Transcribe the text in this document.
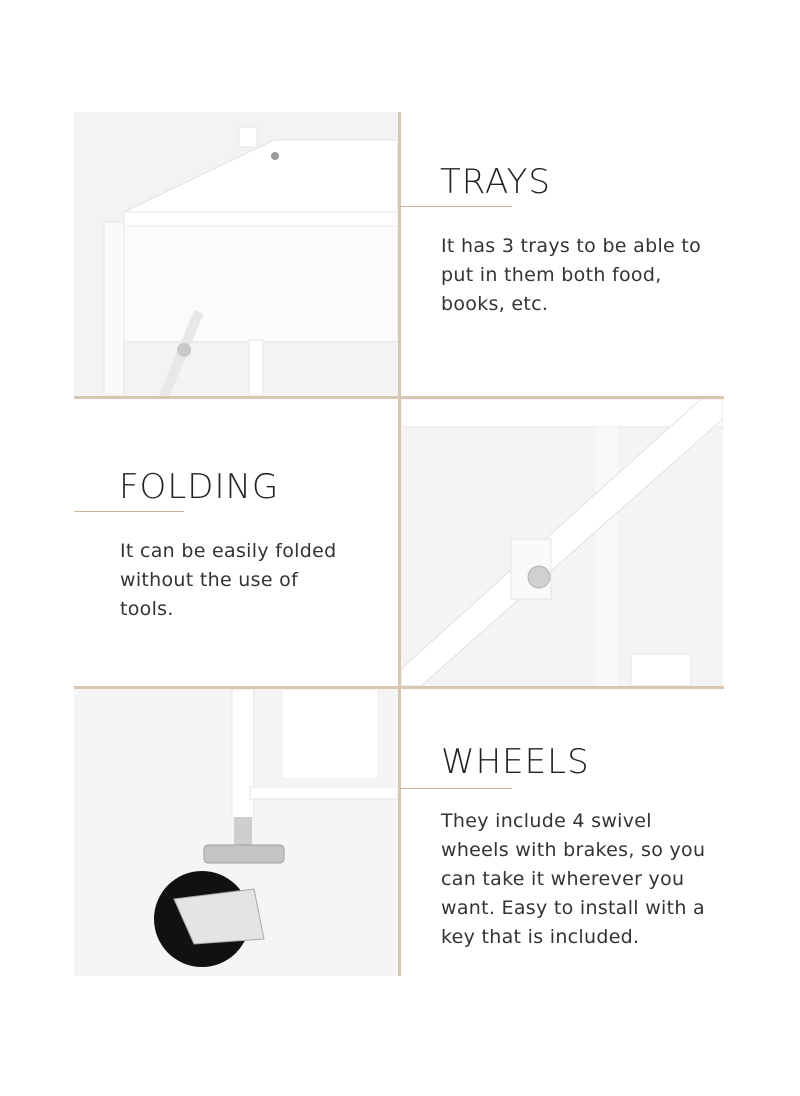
TRAYS

It has 3 trays to be able to

put in them both food,

books, etc.

FOLDING

It can be easily folded

without the use of

tools.

WHEELS

They include 4 swivel

wheels with brakes, so you

can take it wherever you

want. Easy to install with a

key that is included.
